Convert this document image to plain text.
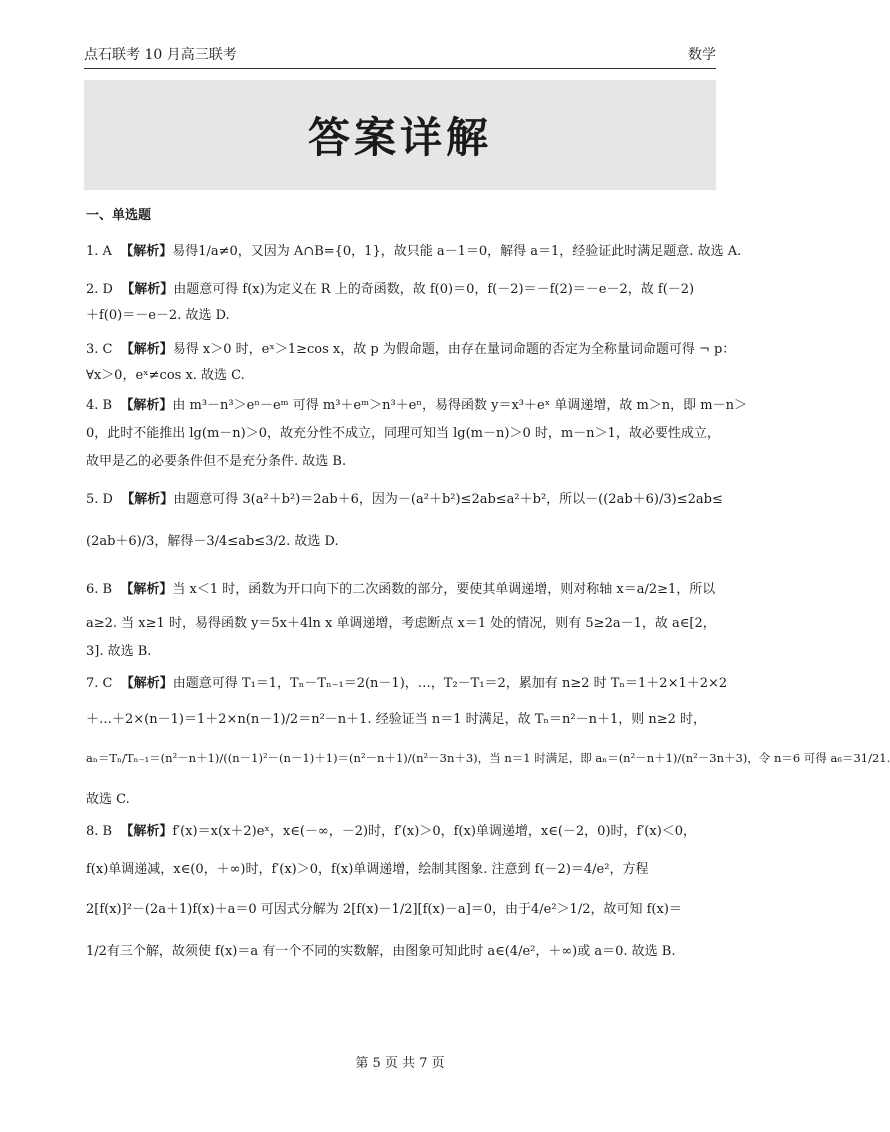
点石联考 10 月高三联考	数学
答案详解
一、单选题
1. A 【解析】易得1/a≠0，又因为 A∩B={0，1}，故只能 a－1＝0，解得 a＝1，经验证此时满足题意. 故选 A.
2. D 【解析】由题意可得 f(x)为定义在 R 上的奇函数，故 f(0)＝0，f(－2)＝－f(2)＝－e－2，故 f(－2)
＋f(0)＝－e－2. 故选 D.
3. C 【解析】易得 x＞0 时，eˣ＞1≥cos x，故 p 为假命题，由存在量词命题的否定为全称量词命题可得 ¬ p：
∀x＞0，eˣ≠cos x. 故选 C.
4. B 【解析】由 m³－n³＞eⁿ－eᵐ 可得 m³＋eᵐ＞n³＋eⁿ，易得函数 y＝x³＋eˣ 单调递增，故 m＞n，即 m－n＞
0，此时不能推出 lg(m－n)＞0，故充分性不成立，同理可知当 lg(m－n)＞0 时，m－n＞1，故必要性成立，
故甲是乙的必要条件但不是充分条件. 故选 B.
5. D 【解析】由题意可得 3(a²＋b²)＝2ab＋6，因为－(a²＋b²)≤2ab≤a²＋b²，所以－((2ab＋6)/3)≤2ab≤
(2ab＋6)/3，解得－3/4≤ab≤3/2. 故选 D.
6. B 【解析】当 x＜1 时，函数为开口向下的二次函数的部分，要使其单调递增，则对称轴 x＝a/2≥1，所以
a≥2. 当 x≥1 时，易得函数 y＝5x＋4ln x 单调递增，考虑断点 x＝1 处的情况，则有 5≥2a－1，故 a∈[2，
3]. 故选 B.
7. C 【解析】由题意可得 T₁＝1，Tₙ－Tₙ₋₁＝2(n－1)，…，T₂－T₁＝2，累加有 n≥2 时 Tₙ＝1＋2×1＋2×2
＋…＋2×(n－1)＝1＋2×n(n－1)/2＝n²－n＋1. 经验证当 n＝1 时满足，故 Tₙ＝n²－n＋1，则 n≥2 时，
aₙ＝Tₙ/Tₙ₋₁＝(n²－n＋1)/((n－1)²－(n－1)＋1)＝(n²－n＋1)/(n²－3n＋3)，当 n＝1 时满足，即 aₙ＝(n²－n＋1)/(n²－3n＋3)，令 n＝6 可得 a₆＝31/21.
故选 C.
8. B 【解析】f′(x)＝x(x＋2)eˣ，x∈(－∞，－2)时，f′(x)＞0，f(x)单调递增，x∈(－2，0)时，f′(x)＜0，
f(x)单调递减，x∈(0，＋∞)时，f′(x)＞0，f(x)单调递增，绘制其图象. 注意到 f(－2)＝4/e²，方程
2[f(x)]²－(2a＋1)f(x)＋a＝0 可因式分解为 2[f(x)－1/2][f(x)－a]＝0，由于4/e²＞1/2，故可知 f(x)＝
1/2有三个解，故须使 f(x)＝a 有一个不同的实数解，由图象可知此时 a∈(4/e²，＋∞)或 a＝0. 故选 B.
第 5 页 共 7 页
